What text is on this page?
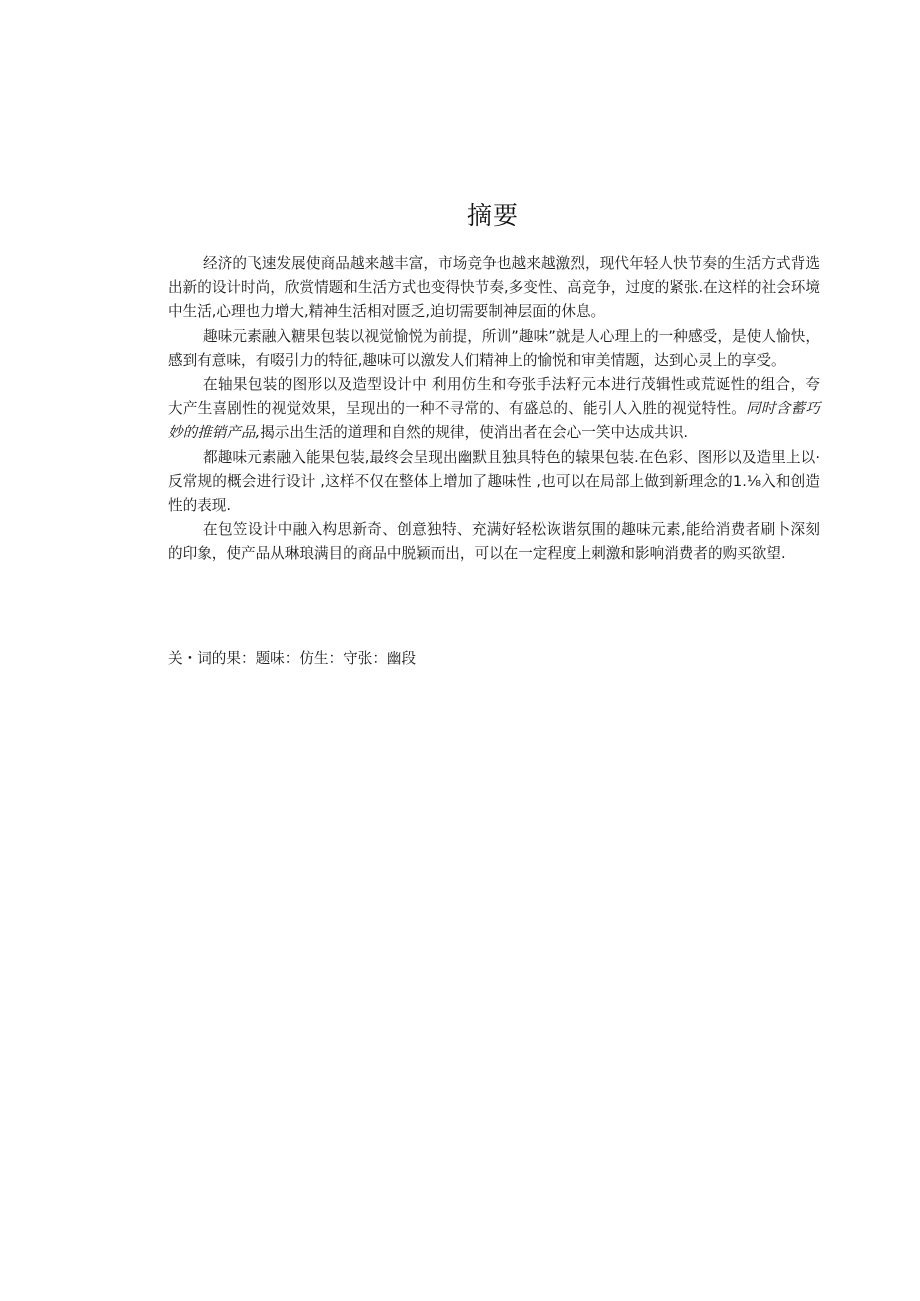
摘要

经济的飞速发展使商品越来越丰富，市场竞争也越来越激烈，现代年轻人快节奏的生活方式背选出新的设计时尚，欣赏情题和生活方式也变得快节奏,多变性、高竞争，过度的紧张.在这样的社会环境中生活,心理也力增大,精神生活相对匮乏,迫切需要制神层面的休息。

趣味元素融入糖果包装以视觉愉悦为前提，所训”趣味”就是人心理上的一种感受，是使人愉快，感到有意味，有啜引力的特征,趣味可以激发人们精神上的愉悦和审美情题，达到心灵上的享受。

在轴果包装的图形以及造型设计中 利用仿生和夸张手法籽元本进行茂辑性或荒诞性的组合，夸大产生喜剧性的视觉效果，呈现出的一种不寻常的、有盛总的、能引人入胜的视觉特性。同时含蓄巧妙的推销产品,揭示出生活的道理和自然的规律，使消出者在会心一笑中达成共识.

都趣味元素融入能果包装,最终会呈现出幽默且独具特色的辕果包装.在色彩、图形以及造里上以·反常规的概会进行设计 ,这样不仅在整体上增加了趣味性 ,也可以在局部上做到新理念的1.⅛入和创造性的表现.

在包笠设计中融入构思新奇、创意独特、充满好轻松诙谐氛围的趣味元素,能给消费者刷卜深刻的印象，使产品从琳琅满目的商品中脱颖而出，可以在一定程度上刺激和影响消费者的购买欲望.

关・词的果：题味：仿生：守张：幽段
